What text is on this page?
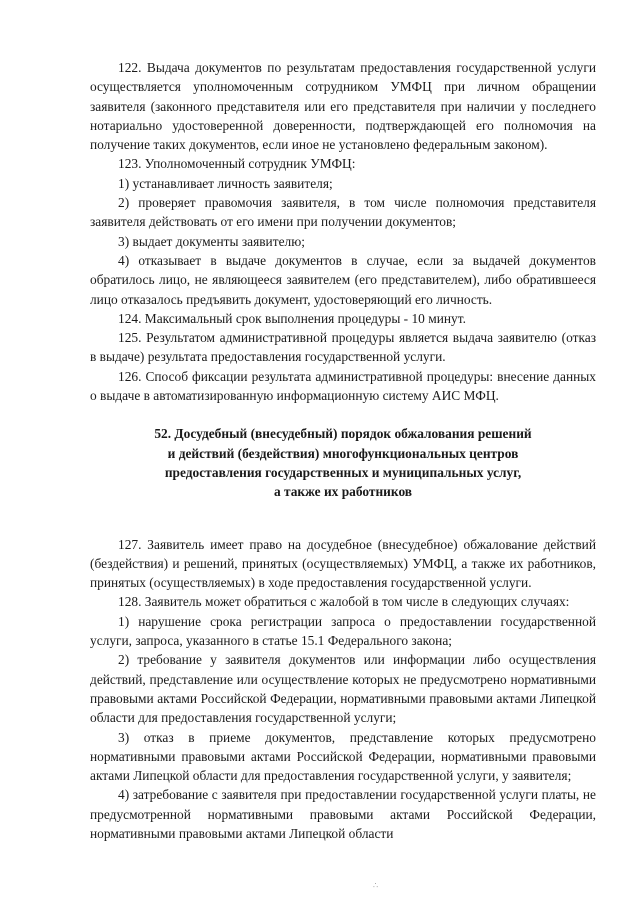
122. Выдача документов по результатам предоставления государственной услуги осуществляется уполномоченным сотрудником УМФЦ при личном обращении заявителя (законного представителя или его представителя при наличии у последнего нотариально удостоверенной доверенности, подтверждающей его полномочия на получение таких документов, если иное не установлено федеральным законом).

123. Уполномоченный сотрудник УМФЦ:

1) устанавливает личность заявителя;

2) проверяет правомочия заявителя, в том числе полномочия представителя заявителя действовать от его имени при получении документов;

3) выдает документы заявителю;

4) отказывает в выдаче документов в случае, если за выдачей документов обратилось лицо, не являющееся заявителем (его представителем), либо обратившееся лицо отказалось предъявить документ, удостоверяющий его личность.

124. Максимальный срок выполнения процедуры - 10 минут.

125. Результатом административной процедуры является выдача заявителю (отказ в выдаче) результата предоставления государственной услуги.

126. Способ фиксации результата административной процедуры: внесение данных о выдаче в автоматизированную информационную систему АИС МФЦ.

52. Досудебный (внесудебный) порядок обжалования решений
и действий (бездействия) многофункциональных центров
предоставления государственных и муниципальных услуг,
а также их работников

127. Заявитель имеет право на досудебное (внесудебное) обжалование действий (бездействия) и решений, принятых (осуществляемых) УМФЦ, а также их работников, принятых (осуществляемых) в ходе предоставления государственной услуги.

128. Заявитель может обратиться с жалобой в том числе в следующих случаях:

1) нарушение срока регистрации запроса о предоставлении государственной услуги, запроса, указанного в статье 15.1 Федерального закона;

2) требование у заявителя документов или информации либо осуществления действий, представление или осуществление которых не предусмотрено нормативными правовыми актами Российской Федерации, нормативными правовыми актами Липецкой области для предоставления государственной услуги;

3) отказ в приеме документов, представление которых предусмотрено нормативными правовыми актами Российской Федерации, нормативными правовыми актами Липецкой области для предоставления государственной услуги, у заявителя;

4) затребование с заявителя при предоставлении государственной услуги платы, не предусмотренной нормативными правовыми актами Российской Федерации, нормативными правовыми актами Липецкой области

∴
